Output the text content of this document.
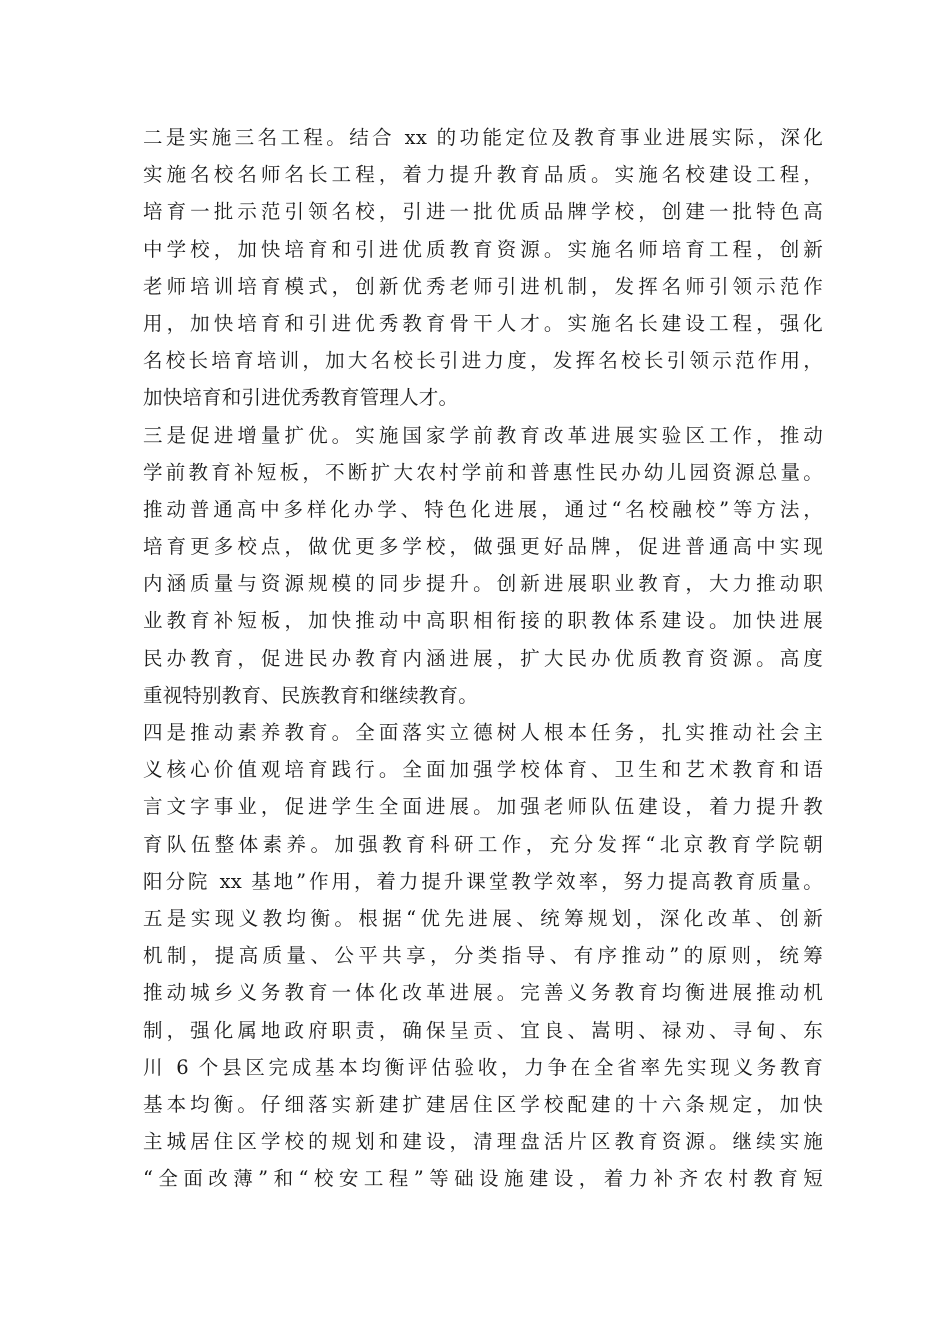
二是实施三名工程。结合 xx 的功能定位及教育事业进展实际，深化
实施名校名师名长工程，着力提升教育品质。实施名校建设工程，
培育一批示范引领名校，引进一批优质品牌学校，创建一批特色高
中学校，加快培育和引进优质教育资源。实施名师培育工程，创新
老师培训培育模式，创新优秀老师引进机制，发挥名师引领示范作
用，加快培育和引进优秀教育骨干人才。实施名长建设工程，强化
名校长培育培训，加大名校长引进力度，发挥名校长引领示范作用，
加快培育和引进优秀教育管理人才。
三是促进增量扩优。实施国家学前教育改革进展实验区工作，推动
学前教育补短板，不断扩大农村学前和普惠性民办幼儿园资源总量。
推动普通高中多样化办学、特色化进展，通过“名校融校”等方法，
培育更多校点，做优更多学校，做强更好品牌，促进普通高中实现
内涵质量与资源规模的同步提升。创新进展职业教育，大力推动职
业教育补短板，加快推动中高职相衔接的职教体系建设。加快进展
民办教育，促进民办教育内涵进展，扩大民办优质教育资源。高度
重视特别教育、民族教育和继续教育。
四是推动素养教育。全面落实立德树人根本任务，扎实推动社会主
义核心价值观培育践行。全面加强学校体育、卫生和艺术教育和语
言文字事业，促进学生全面进展。加强老师队伍建设，着力提升教
育队伍整体素养。加强教育科研工作，充分发挥“北京教育学院朝
阳分院 xx 基地”作用，着力提升课堂教学效率，努力提高教育质量。
五是实现义教均衡。根据“优先进展、统筹规划，深化改革、创新
机制，提高质量、公平共享，分类指导、有序推动”的原则，统筹
推动城乡义务教育一体化改革进展。完善义务教育均衡进展推动机
制，强化属地政府职责，确保呈贡、宜良、嵩明、禄劝、寻甸、东
川 6 个县区完成基本均衡评估验收，力争在全省率先实现义务教育
基本均衡。仔细落实新建扩建居住区学校配建的十六条规定，加快
主城居住区学校的规划和建设，清理盘活片区教育资源。继续实施
“全面改薄”和“校安工程”等础设施建设，着力补齐农村教育短
